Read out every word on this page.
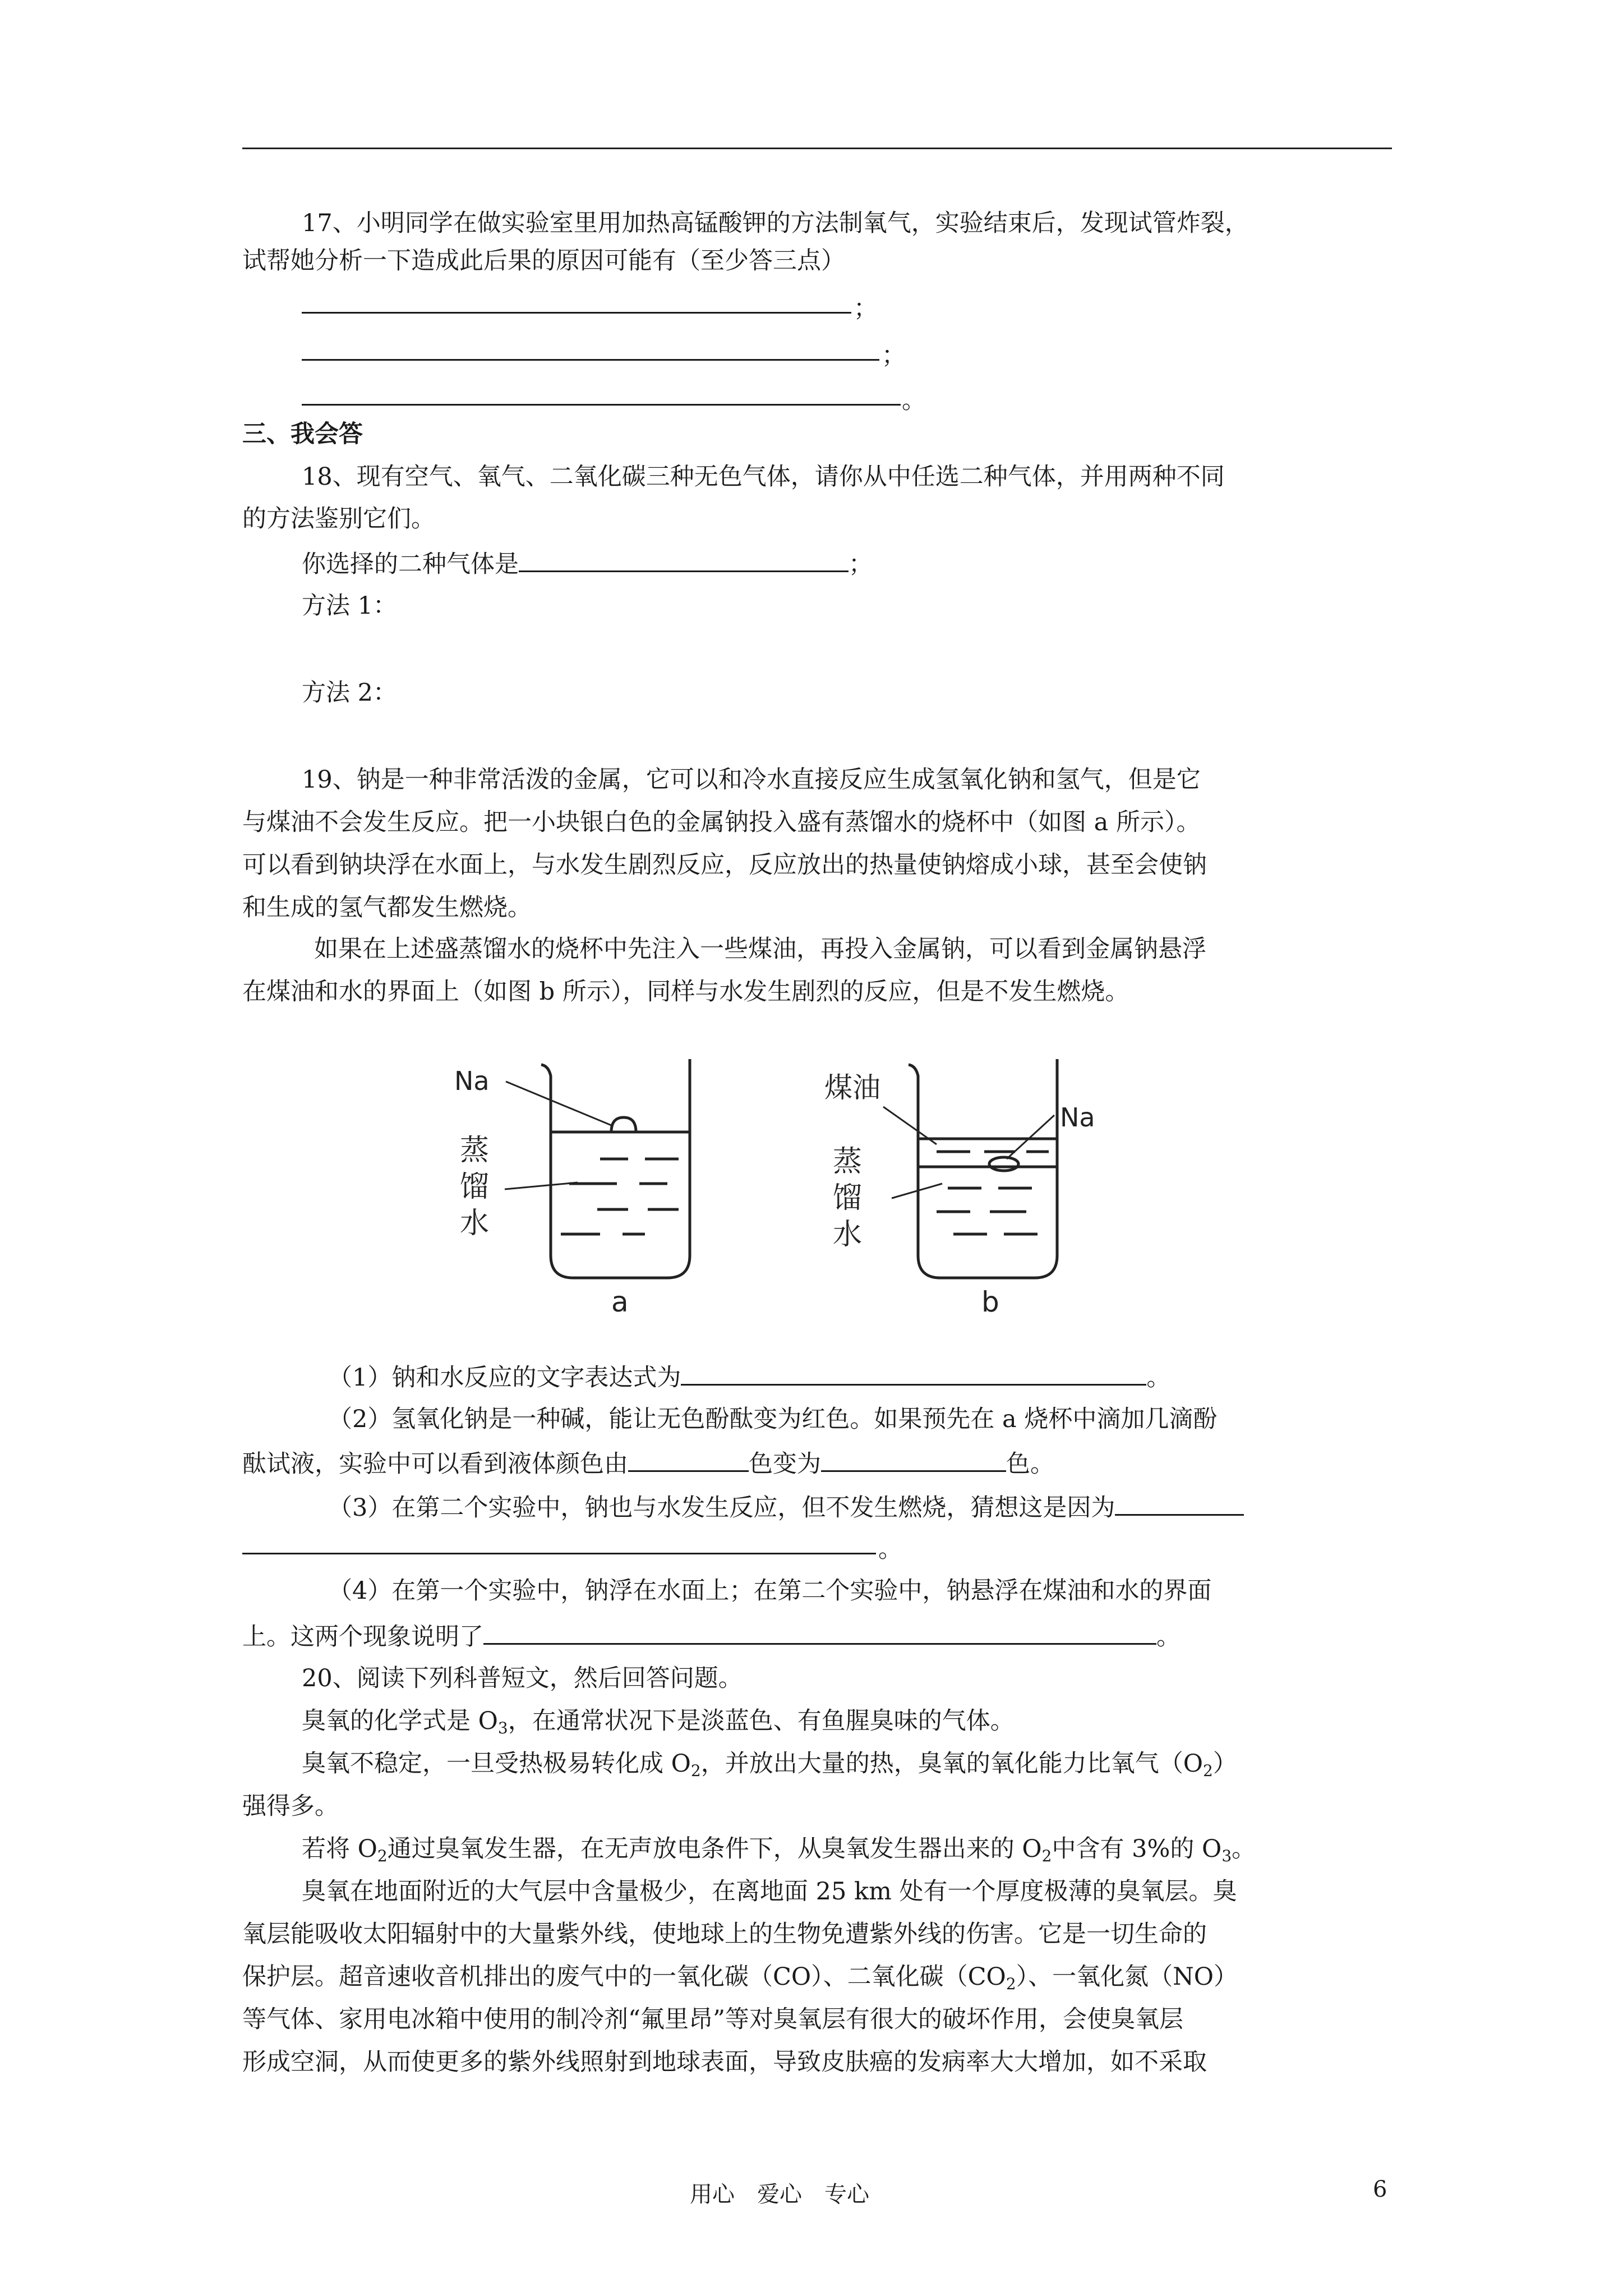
17、小明同学在做实验室里用加热高锰酸钾的方法制氧气，实验结束后，发现试管炸裂，
试帮她分析一下造成此后果的原因可能有（至少答三点）
；
；
。
三、我会答
18、现有空气、氧气、二氧化碳三种无色气体，请你从中任选二种气体，并用两种不同
的方法鉴别它们。
你选择的二种气体是	；
方法 1：
方法 2：
19、钠是一种非常活泼的金属，它可以和冷水直接反应生成氢氧化钠和氢气，但是它
与煤油不会发生反应。把一小块银白色的金属钠投入盛有蒸馏水的烧杯中（如图 a 所示）。
可以看到钠块浮在水面上，与水发生剧烈反应，反应放出的热量使钠熔成小球，甚至会使钠
和生成的氢气都发生燃烧。
如果在上述盛蒸馏水的烧杯中先注入一些煤油，再投入金属钠，可以看到金属钠悬浮
在煤油和水的界面上（如图 b 所示），同样与水发生剧烈的反应，但是不发生燃烧。
Na
蒸
馏
水
a
煤油
Na
蒸
馏
水
b
（1）钠和水反应的文字表达式为	。
（2）氢氧化钠是一种碱，能让无色酚酞变为红色。如果预先在 a 烧杯中滴加几滴酚
酞试液，实验中可以看到液体颜色由	色变为	色。
（3）在第二个实验中，钠也与水发生反应，但不发生燃烧，猜想这是因为
。
（4）在第一个实验中，钠浮在水面上；在第二个实验中，钠悬浮在煤油和水的界面
上。这两个现象说明了	。
20、阅读下列科普短文，然后回答问题。
臭氧的化学式是 $O_3$，在通常状况下是淡蓝色、有鱼腥臭味的气体。
臭氧不稳定，一旦受热极易转化成 $O_2$，并放出大量的热，臭氧的氧化能力比氧气$(O_2)$
强得多。
若将 $O_2$通过臭氧发生器，在无声放电条件下，从臭氧发生器出来的 $O_2$中含有 3%的 $O_3$。
臭氧在地面附近的大气层中含量极少，在离地面 25 km 处有一个厚度极薄的臭氧层。臭
氧层能吸收太阳辐射中的大量紫外线，使地球上的生物免遭紫外线的伤害。它是一切生命的
保护层。超音速收音机排出的废气中的一氧化碳（CO）、二氧化碳$(CO_2)$、一氧化氮（NO）
等气体、家用电冰箱中使用的制冷剂“氟里昂”等对臭氧层有很大的破坏作用，会使臭氧层
形成空洞，从而使更多的紫外线照射到地球表面，导致皮肤癌的发病率大大增加，如不采取
用心　爱心　专心	6
